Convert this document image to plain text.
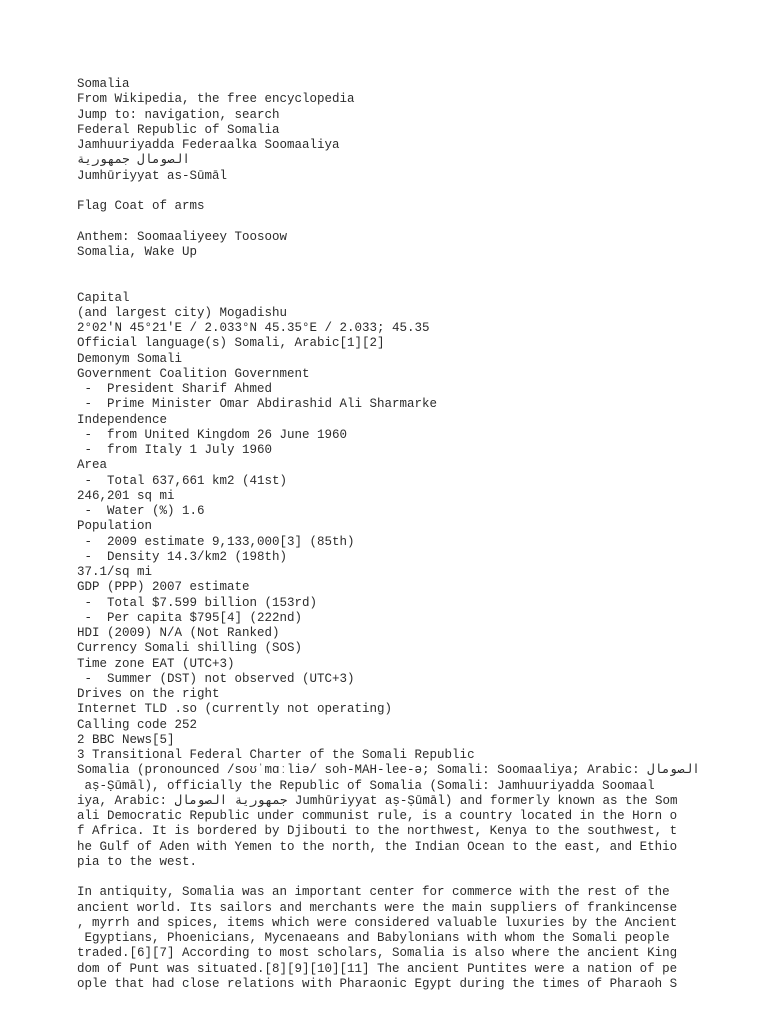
Somalia
From Wikipedia, the free encyclopedia
Jump to: navigation, search
Federal Republic of Somalia
Jamhuuriyadda Federaalka Soomaaliya
الصومال جمهورية
Jumhūriyyat as-Sūmāl
Flag Coat of arms
Anthem: Soomaaliyeey Toosoow
Somalia, Wake Up
Capital
(and largest city) Mogadishu
2°02′N 45°21′E / 2.033°N 45.35°E / 2.033; 45.35
Official language(s) Somali, Arabic[1][2]
Demonym Somali
Government Coalition Government
-  President Sharif Ahmed
-  Prime Minister Omar Abdirashid Ali Sharmarke
Independence
-  from United Kingdom 26 June 1960
-  from Italy 1 July 1960
Area
-  Total 637,661 km2 (41st)
246,201 sq mi
-  Water (%) 1.6
Population
-  2009 estimate 9,133,000[3] (85th)
-  Density 14.3/km2 (198th)
37.1/sq mi
GDP (PPP) 2007 estimate
-  Total $7.599 billion (153rd)
-  Per capita $795[4] (222nd)
HDI (2009) N/A (Not Ranked)
Currency Somali shilling (SOS)
Time zone EAT (UTC+3)
-  Summer (DST) not observed (UTC+3)
Drives on the right
Internet TLD .so (currently not operating)
Calling code 252
2 BBC News[5]
3 Transitional Federal Charter of the Somali Republic
Somalia (pronounced /soʊˈmɑːliə/ soh-MAH-lee-ə; Somali: Soomaaliya; Arabic: الصومال
aṣ-Ṣūmāl), officially the Republic of Somalia (Somali: Jamhuuriyadda Soomaal
iya, Arabic: جمهورية الصومال Jumhūriyyat aṣ-Ṣūmāl) and formerly known as the Som
ali Democratic Republic under communist rule, is a country located in the Horn o
f Africa. It is bordered by Djibouti to the northwest, Kenya to the southwest, t
he Gulf of Aden with Yemen to the north, the Indian Ocean to the east, and Ethio
pia to the west.
In antiquity, Somalia was an important center for commerce with the rest of the
ancient world. Its sailors and merchants were the main suppliers of frankincense
, myrrh and spices, items which were considered valuable luxuries by the Ancient
Egyptians, Phoenicians, Mycenaeans and Babylonians with whom the Somali people
traded.[6][7] According to most scholars, Somalia is also where the ancient King
dom of Punt was situated.[8][9][10][11] The ancient Puntites were a nation of pe
ople that had close relations with Pharaonic Egypt during the times of Pharaoh S
